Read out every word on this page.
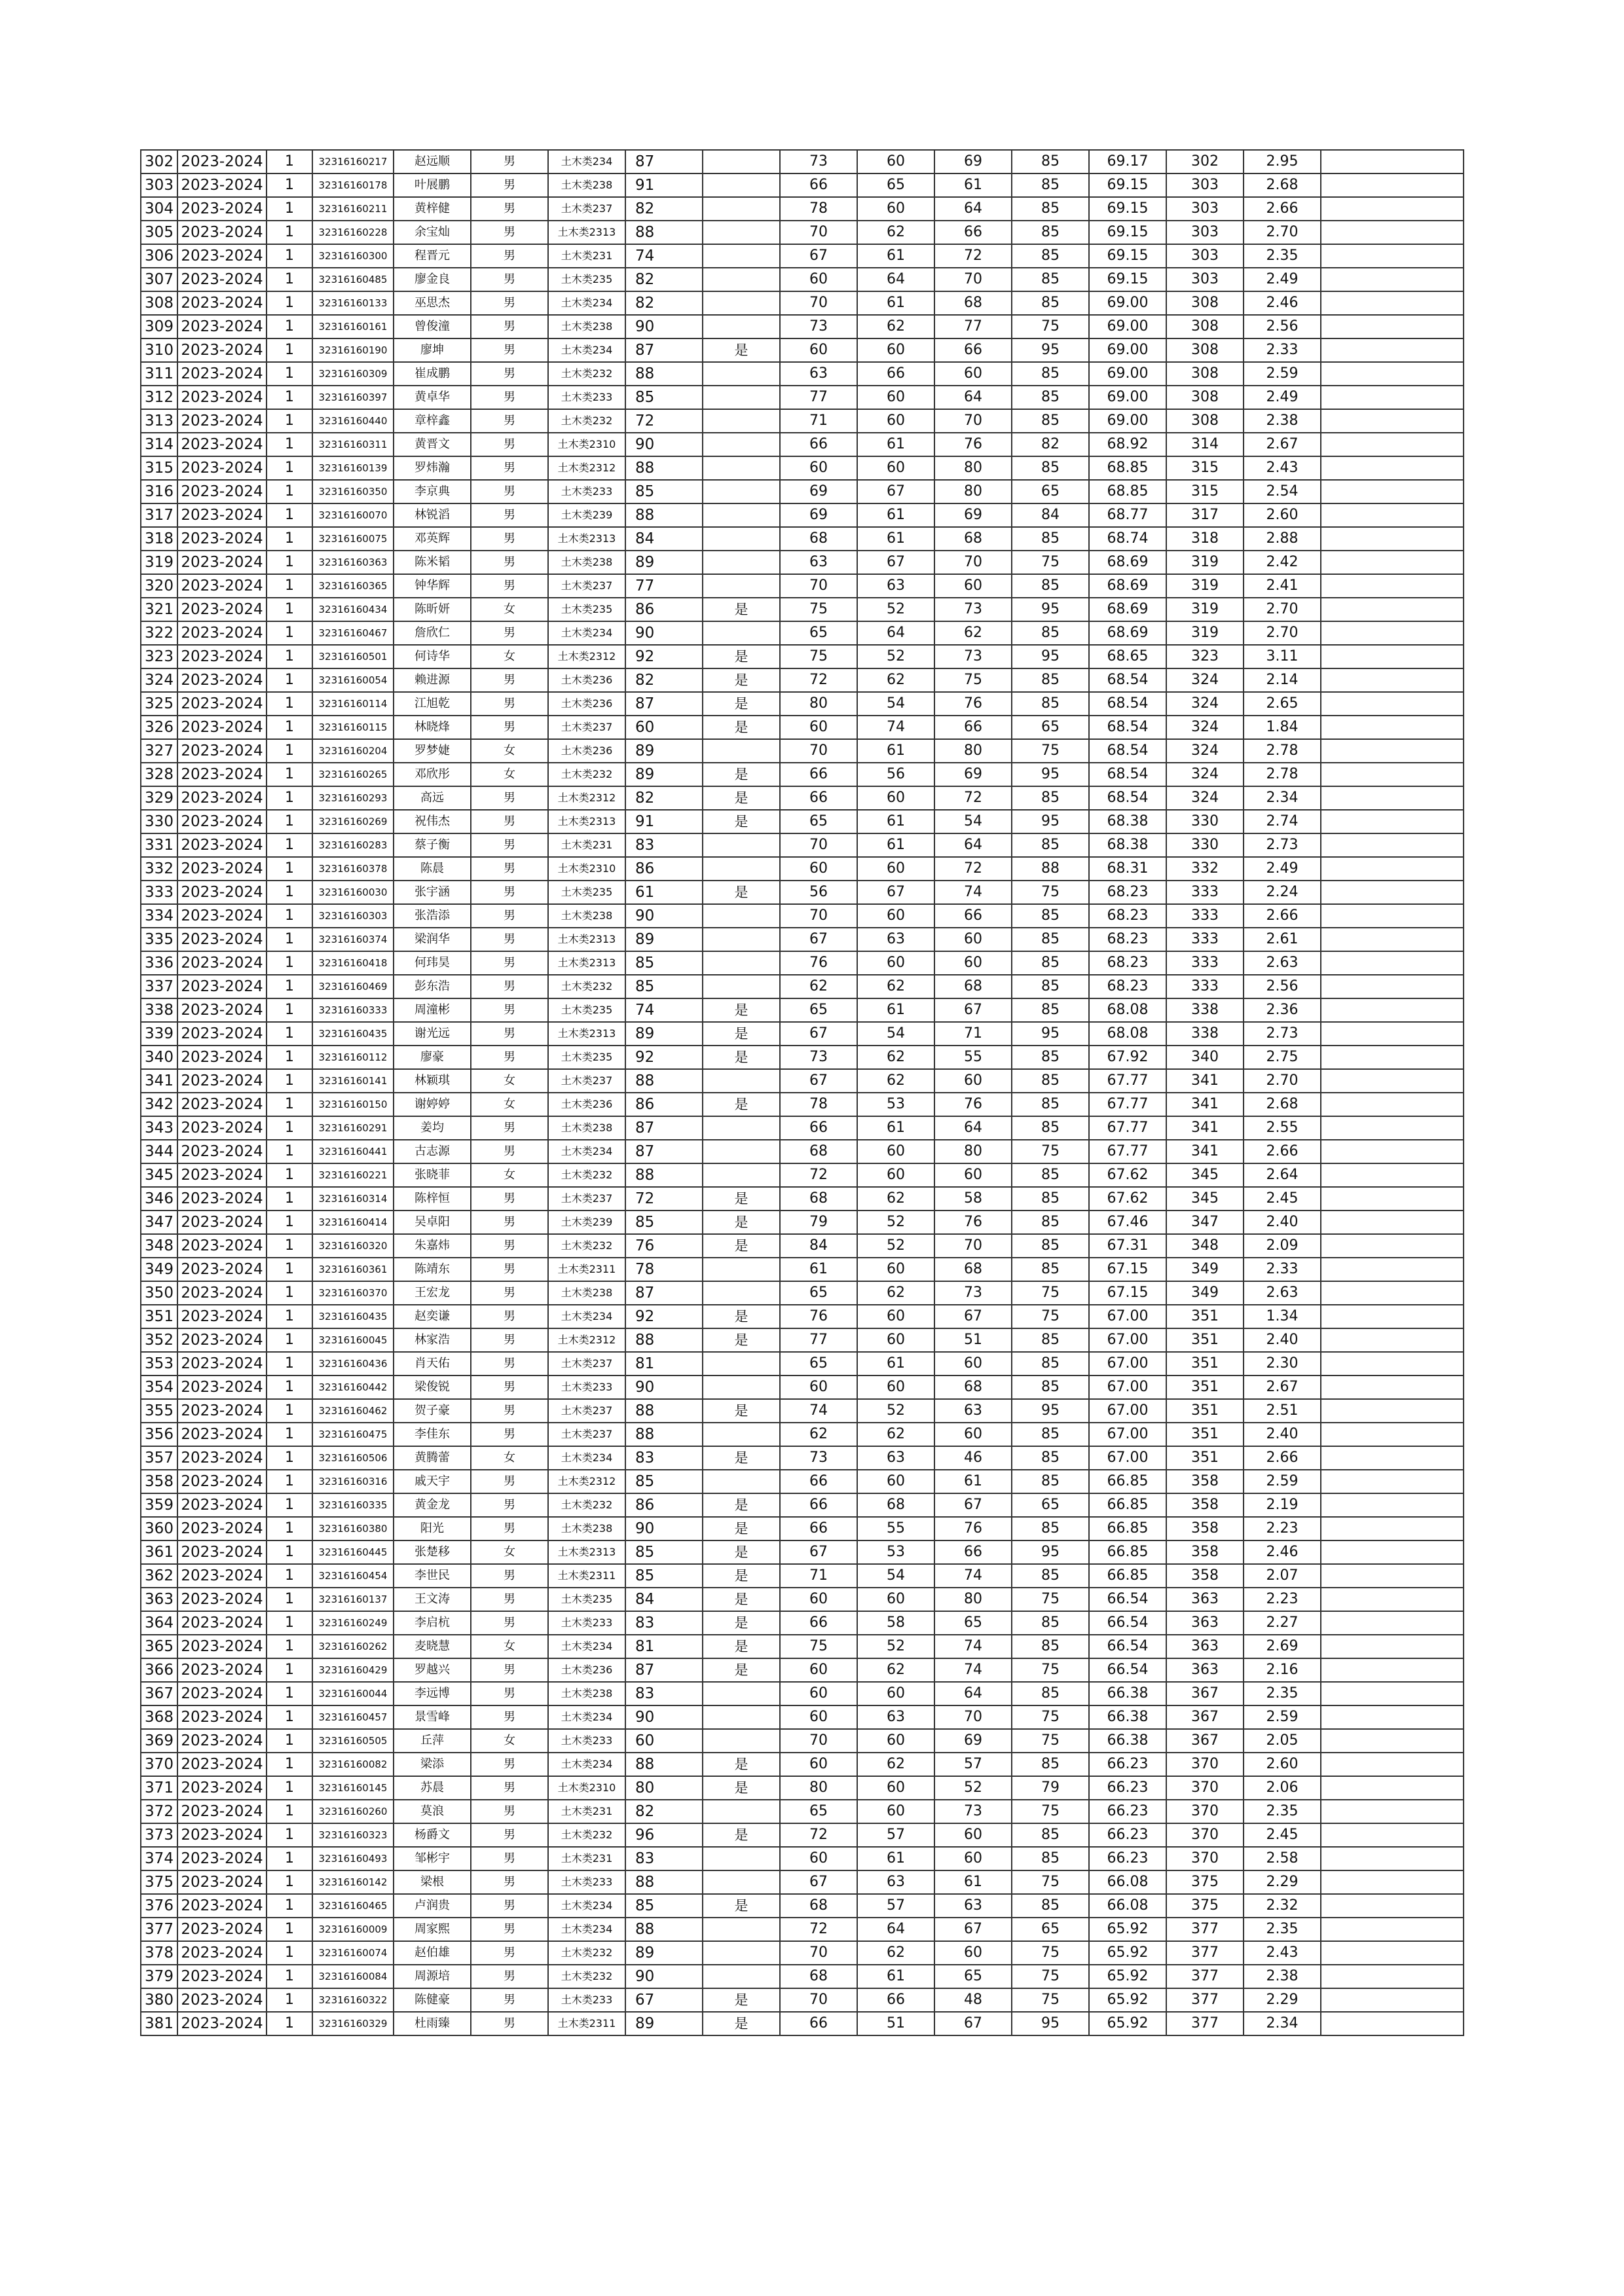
302	2023-2024	1	32316160217	赵远顺	男	土木类234	87		73	60	69	85	69.17	302	2.95	
303	2023-2024	1	32316160178	叶展鹏	男	土木类238	91		66	65	61	85	69.15	303	2.68	
304	2023-2024	1	32316160211	黄梓健	男	土木类237	82		78	60	64	85	69.15	303	2.66	
305	2023-2024	1	32316160228	余宝灿	男	土木类2313	88		70	62	66	85	69.15	303	2.70	
306	2023-2024	1	32316160300	程晋元	男	土木类231	74		67	61	72	85	69.15	303	2.35	
307	2023-2024	1	32316160485	廖金良	男	土木类235	82		60	64	70	85	69.15	303	2.49	
308	2023-2024	1	32316160133	巫思杰	男	土木类234	82		70	61	68	85	69.00	308	2.46	
309	2023-2024	1	32316160161	曾俊潼	男	土木类238	90		73	62	77	75	69.00	308	2.56	
310	2023-2024	1	32316160190	廖坤	男	土木类234	87	是	60	60	66	95	69.00	308	2.33	
311	2023-2024	1	32316160309	崔成鹏	男	土木类232	88		63	66	60	85	69.00	308	2.59	
312	2023-2024	1	32316160397	黄卓华	男	土木类233	85		77	60	64	85	69.00	308	2.49	
313	2023-2024	1	32316160440	章梓鑫	男	土木类232	72		71	60	70	85	69.00	308	2.38	
314	2023-2024	1	32316160311	黄晋文	男	土木类2310	90		66	61	76	82	68.92	314	2.67	
315	2023-2024	1	32316160139	罗炜瀚	男	土木类2312	88		60	60	80	85	68.85	315	2.43	
316	2023-2024	1	32316160350	李京典	男	土木类233	85		69	67	80	65	68.85	315	2.54	
317	2023-2024	1	32316160070	林锐滔	男	土木类239	88		69	61	69	84	68.77	317	2.60	
318	2023-2024	1	32316160075	邓英辉	男	土木类2313	84		68	61	68	85	68.74	318	2.88	
319	2023-2024	1	32316160363	陈米韬	男	土木类238	89		63	67	70	75	68.69	319	2.42	
320	2023-2024	1	32316160365	钟华辉	男	土木类237	77		70	63	60	85	68.69	319	2.41	
321	2023-2024	1	32316160434	陈昕妍	女	土木类235	86	是	75	52	73	95	68.69	319	2.70	
322	2023-2024	1	32316160467	詹欣仁	男	土木类234	90		65	64	62	85	68.69	319	2.70	
323	2023-2024	1	32316160501	何诗华	女	土木类2312	92	是	75	52	73	95	68.65	323	3.11	
324	2023-2024	1	32316160054	赖进源	男	土木类236	82	是	72	62	75	85	68.54	324	2.14	
325	2023-2024	1	32316160114	江旭乾	男	土木类236	87	是	80	54	76	85	68.54	324	2.65	
326	2023-2024	1	32316160115	林晓烽	男	土木类237	60	是	60	74	66	65	68.54	324	1.84	
327	2023-2024	1	32316160204	罗梦婕	女	土木类236	89		70	61	80	75	68.54	324	2.78	
328	2023-2024	1	32316160265	邓欣彤	女	土木类232	89	是	66	56	69	95	68.54	324	2.78	
329	2023-2024	1	32316160293	高远	男	土木类2312	82	是	66	60	72	85	68.54	324	2.34	
330	2023-2024	1	32316160269	祝伟杰	男	土木类2313	91	是	65	61	54	95	68.38	330	2.74	
331	2023-2024	1	32316160283	蔡子衡	男	土木类231	83		70	61	64	85	68.38	330	2.73	
332	2023-2024	1	32316160378	陈晨	男	土木类2310	86		60	60	72	88	68.31	332	2.49	
333	2023-2024	1	32316160030	张宇涵	男	土木类235	61	是	56	67	74	75	68.23	333	2.24	
334	2023-2024	1	32316160303	张浩添	男	土木类238	90		70	60	66	85	68.23	333	2.66	
335	2023-2024	1	32316160374	梁润华	男	土木类2313	89		67	63	60	85	68.23	333	2.61	
336	2023-2024	1	32316160418	何玮昊	男	土木类2313	85		76	60	60	85	68.23	333	2.63	
337	2023-2024	1	32316160469	彭东浩	男	土木类232	85		62	62	68	85	68.23	333	2.56	
338	2023-2024	1	32316160333	周潼彬	男	土木类235	74	是	65	61	67	85	68.08	338	2.36	
339	2023-2024	1	32316160435	谢光远	男	土木类2313	89	是	67	54	71	95	68.08	338	2.73	
340	2023-2024	1	32316160112	廖豪	男	土木类235	92	是	73	62	55	85	67.92	340	2.75	
341	2023-2024	1	32316160141	林颖琪	女	土木类237	88		67	62	60	85	67.77	341	2.70	
342	2023-2024	1	32316160150	谢婷婷	女	土木类236	86	是	78	53	76	85	67.77	341	2.68	
343	2023-2024	1	32316160291	姜均	男	土木类238	87		66	61	64	85	67.77	341	2.55	
344	2023-2024	1	32316160441	古志源	男	土木类234	87		68	60	80	75	67.77	341	2.66	
345	2023-2024	1	32316160221	张晓菲	女	土木类232	88		72	60	60	85	67.62	345	2.64	
346	2023-2024	1	32316160314	陈梓恒	男	土木类237	72	是	68	62	58	85	67.62	345	2.45	
347	2023-2024	1	32316160414	吴卓阳	男	土木类239	85	是	79	52	76	85	67.46	347	2.40	
348	2023-2024	1	32316160320	朱嘉炜	男	土木类232	76	是	84	52	70	85	67.31	348	2.09	
349	2023-2024	1	32316160361	陈靖东	男	土木类2311	78		61	60	68	85	67.15	349	2.33	
350	2023-2024	1	32316160370	王宏龙	男	土木类238	87		65	62	73	75	67.15	349	2.63	
351	2023-2024	1	32316160435	赵奕谦	男	土木类234	92	是	76	60	67	75	67.00	351	1.34	
352	2023-2024	1	32316160045	林家浩	男	土木类2312	88	是	77	60	51	85	67.00	351	2.40	
353	2023-2024	1	32316160436	肖天佑	男	土木类237	81		65	61	60	85	67.00	351	2.30	
354	2023-2024	1	32316160442	梁俊锐	男	土木类233	90		60	60	68	85	67.00	351	2.67	
355	2023-2024	1	32316160462	贺子豪	男	土木类237	88	是	74	52	63	95	67.00	351	2.51	
356	2023-2024	1	32316160475	李佳东	男	土木类237	88		62	62	60	85	67.00	351	2.40	
357	2023-2024	1	32316160506	黄腾蕾	女	土木类234	83	是	73	63	46	85	67.00	351	2.66	
358	2023-2024	1	32316160316	戚天宇	男	土木类2312	85		66	60	61	85	66.85	358	2.59	
359	2023-2024	1	32316160335	黄金龙	男	土木类232	86	是	66	68	67	65	66.85	358	2.19	
360	2023-2024	1	32316160380	阳光	男	土木类238	90	是	66	55	76	85	66.85	358	2.23	
361	2023-2024	1	32316160445	张楚移	女	土木类2313	85	是	67	53	66	95	66.85	358	2.46	
362	2023-2024	1	32316160454	李世民	男	土木类2311	85	是	71	54	74	85	66.85	358	2.07	
363	2023-2024	1	32316160137	王文涛	男	土木类235	84	是	60	60	80	75	66.54	363	2.23	
364	2023-2024	1	32316160249	李启杭	男	土木类233	83	是	66	58	65	85	66.54	363	2.27	
365	2023-2024	1	32316160262	麦晓慧	女	土木类234	81	是	75	52	74	85	66.54	363	2.69	
366	2023-2024	1	32316160429	罗越兴	男	土木类236	87	是	60	62	74	75	66.54	363	2.16	
367	2023-2024	1	32316160044	李远博	男	土木类238	83		60	60	64	85	66.38	367	2.35	
368	2023-2024	1	32316160457	景雪峰	男	土木类234	90		60	63	70	75	66.38	367	2.59	
369	2023-2024	1	32316160505	丘萍	女	土木类233	60		70	60	69	75	66.38	367	2.05	
370	2023-2024	1	32316160082	梁添	男	土木类234	88	是	60	62	57	85	66.23	370	2.60	
371	2023-2024	1	32316160145	苏晨	男	土木类2310	80	是	80	60	52	79	66.23	370	2.06	
372	2023-2024	1	32316160260	莫浪	男	土木类231	82		65	60	73	75	66.23	370	2.35	
373	2023-2024	1	32316160323	杨爵文	男	土木类232	96	是	72	57	60	85	66.23	370	2.45	
374	2023-2024	1	32316160493	邹彬宇	男	土木类231	83		60	61	60	85	66.23	370	2.58	
375	2023-2024	1	32316160142	梁根	男	土木类233	88		67	63	61	75	66.08	375	2.29	
376	2023-2024	1	32316160465	卢润贵	男	土木类234	85	是	68	57	63	85	66.08	375	2.32	
377	2023-2024	1	32316160009	周家熙	男	土木类234	88		72	64	67	65	65.92	377	2.35	
378	2023-2024	1	32316160074	赵伯雄	男	土木类232	89		70	62	60	75	65.92	377	2.43	
379	2023-2024	1	32316160084	周源培	男	土木类232	90		68	61	65	75	65.92	377	2.38	
380	2023-2024	1	32316160322	陈健豪	男	土木类233	67	是	70	66	48	75	65.92	377	2.29	
381	2023-2024	1	32316160329	杜雨臻	男	土木类2311	89	是	66	51	67	95	65.92	377	2.34	
